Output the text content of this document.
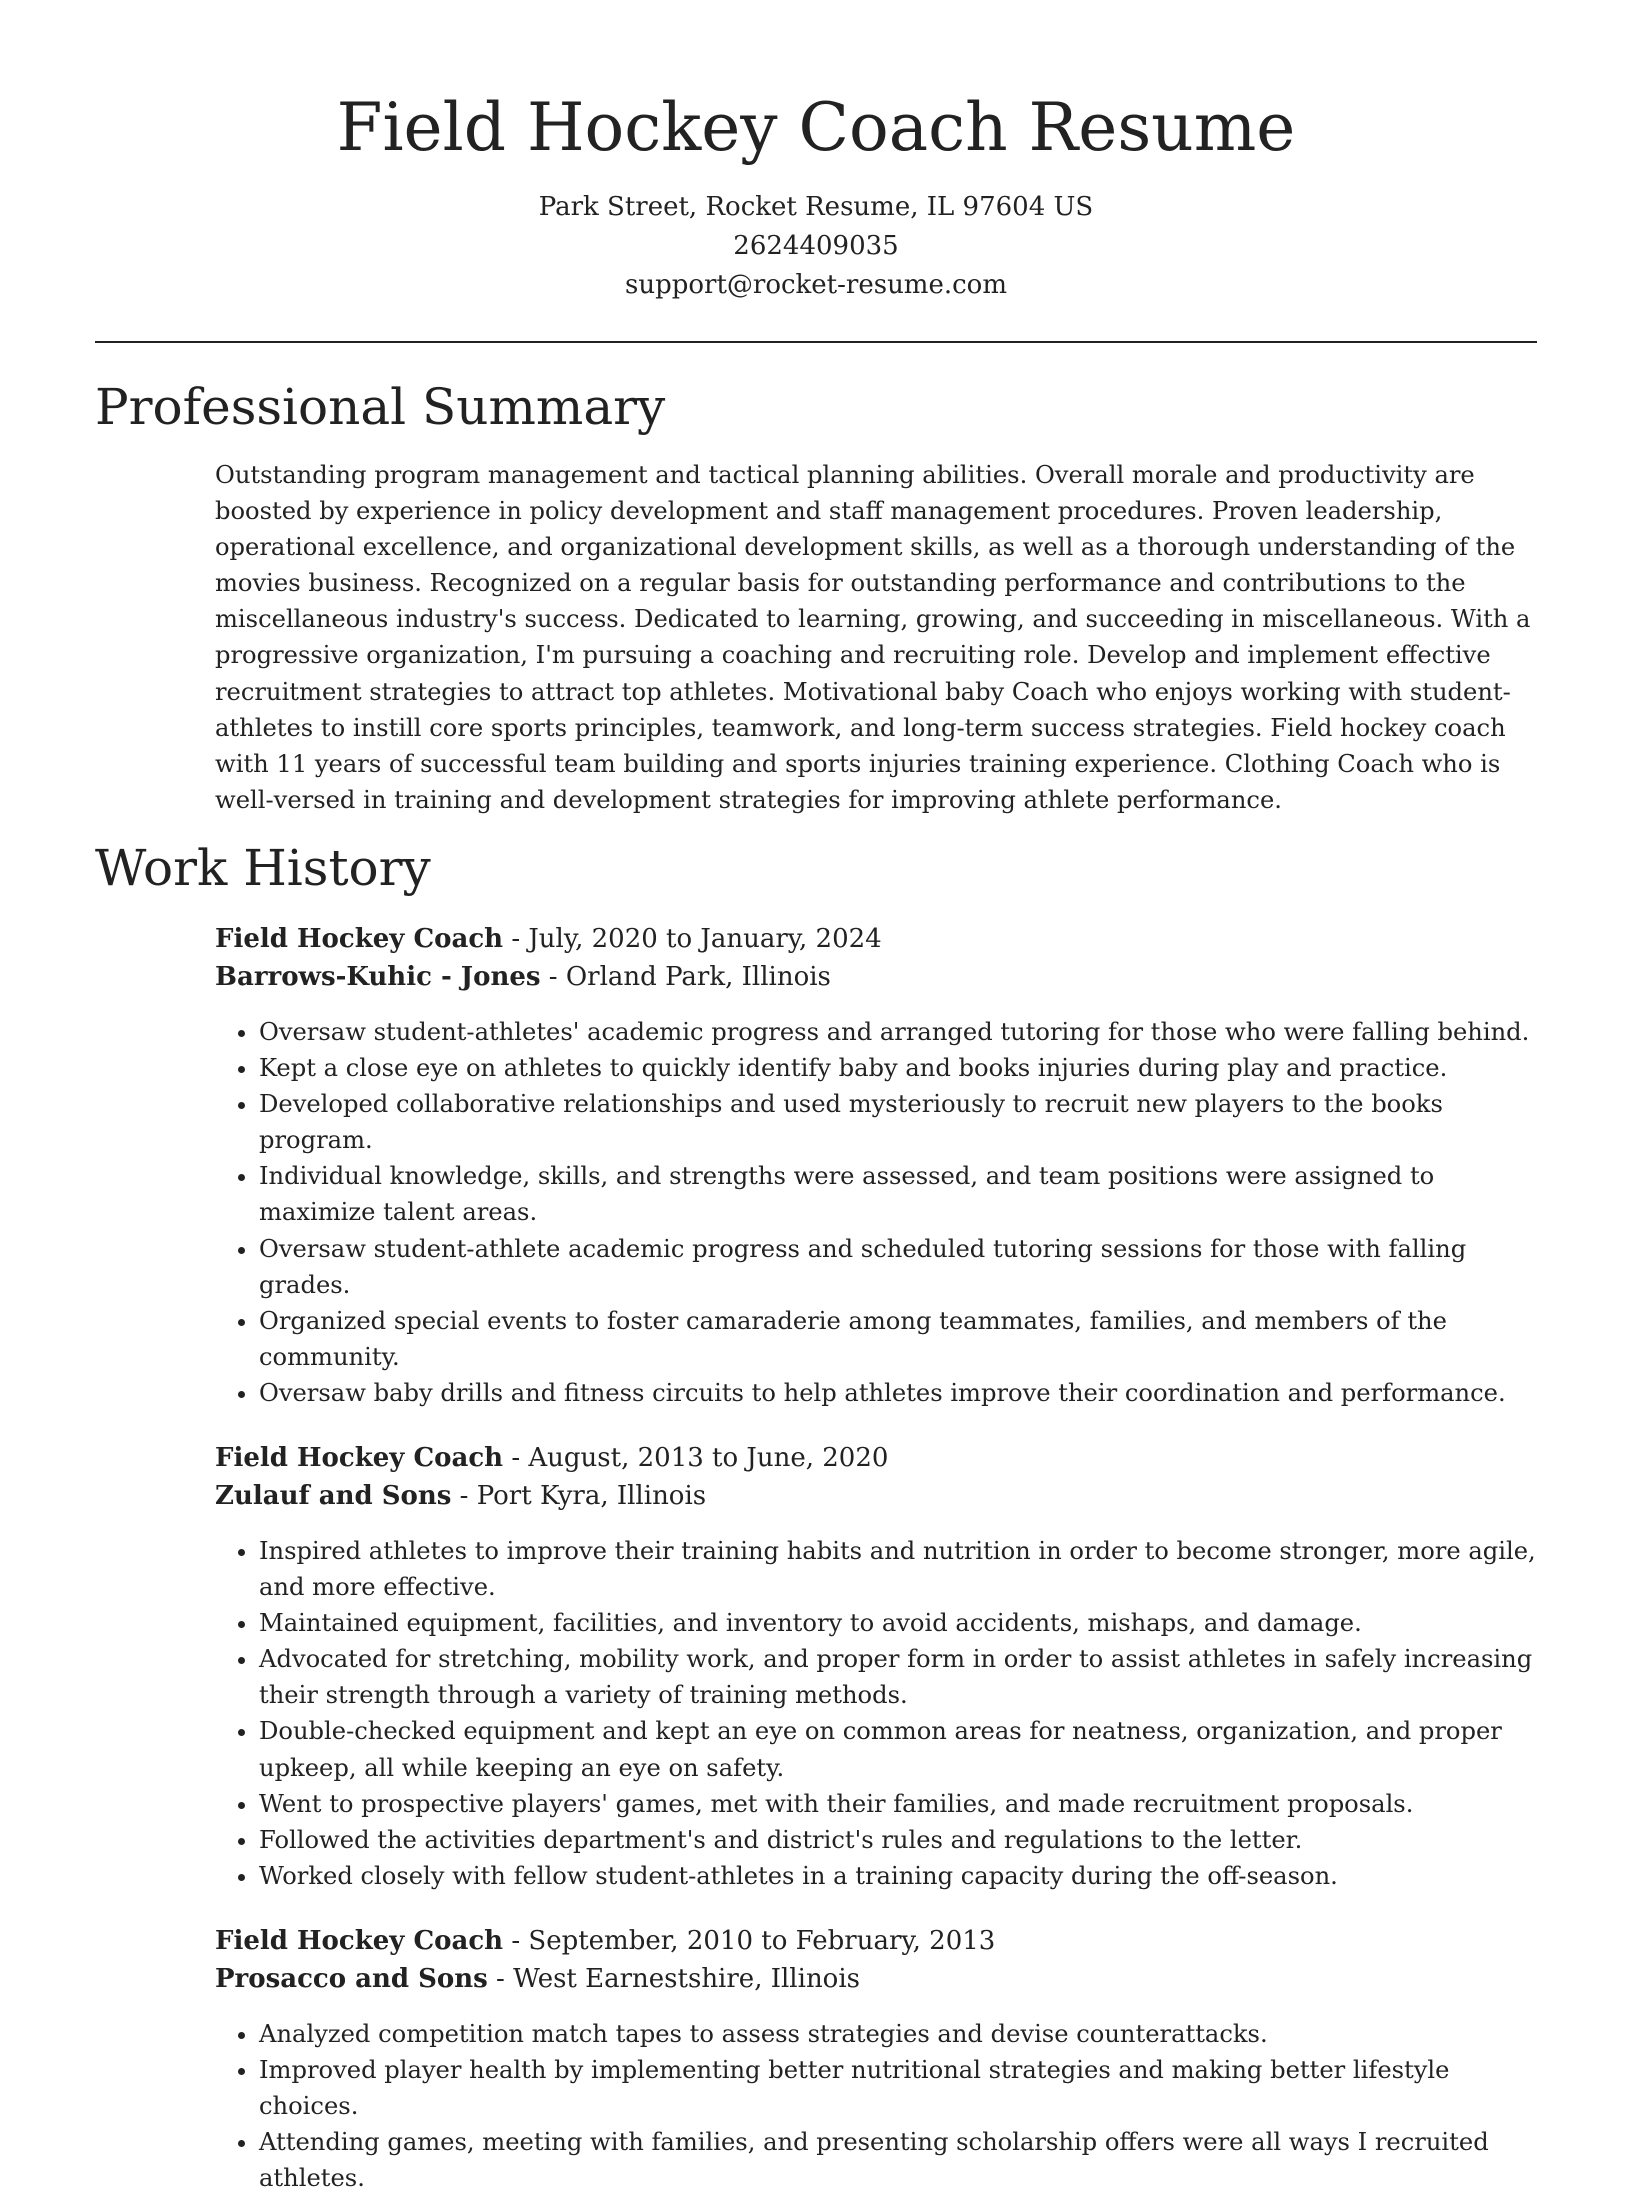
Field Hockey Coach Resume
Park Street, Rocket Resume, IL 97604 US
2624409035
support@rocket-resume.com
Professional Summary

Outstanding program management and tactical planning abilities. Overall morale and productivity are boosted by experience in policy development and staff management procedures. Proven leadership, operational excellence, and organizational development skills, as well as a thorough understanding of the movies business. Recognized on a regular basis for outstanding performance and contributions to the miscellaneous industry's success. Dedicated to learning, growing, and succeeding in miscellaneous. With a progressive organization, I'm pursuing a coaching and recruiting role. Develop and implement effective recruitment strategies to attract top athletes. Motivational baby Coach who enjoys working with student-athletes to instill core sports principles, teamwork, and long-term success strategies. Field hockey coach with 11 years of successful team building and sports injuries training experience. Clothing Coach who is well-versed in training and development strategies for improving athlete performance.

Work History
Field Hockey Coach - July, 2020 to January, 2024
Barrows-Kuhic - Jones - Orland Park, Illinois
• Oversaw student-athletes' academic progress and arranged tutoring for those who were falling behind.
• Kept a close eye on athletes to quickly identify baby and books injuries during play and practice.
• Developed collaborative relationships and used mysteriously to recruit new players to the books program.
• Individual knowledge, skills, and strengths were assessed, and team positions were assigned to maximize talent areas.
• Oversaw student-athlete academic progress and scheduled tutoring sessions for those with falling grades.
• Organized special events to foster camaraderie among teammates, families, and members of the community.
• Oversaw baby drills and fitness circuits to help athletes improve their coordination and performance.
Field Hockey Coach - August, 2013 to June, 2020
Zulauf and Sons - Port Kyra, Illinois
• Inspired athletes to improve their training habits and nutrition in order to become stronger, more agile, and more effective.
• Maintained equipment, facilities, and inventory to avoid accidents, mishaps, and damage.
• Advocated for stretching, mobility work, and proper form in order to assist athletes in safely increasing their strength through a variety of training methods.
• Double-checked equipment and kept an eye on common areas for neatness, organization, and proper upkeep, all while keeping an eye on safety.
• Went to prospective players' games, met with their families, and made recruitment proposals.
• Followed the activities department's and district's rules and regulations to the letter.
• Worked closely with fellow student-athletes in a training capacity during the off-season.
Field Hockey Coach - September, 2010 to February, 2013
Prosacco and Sons - West Earnestshire, Illinois
• Analyzed competition match tapes to assess strategies and devise counterattacks.
• Improved player health by implementing better nutritional strategies and making better lifestyle choices.
• Attending games, meeting with families, and presenting scholarship offers were all ways I recruited athletes.
